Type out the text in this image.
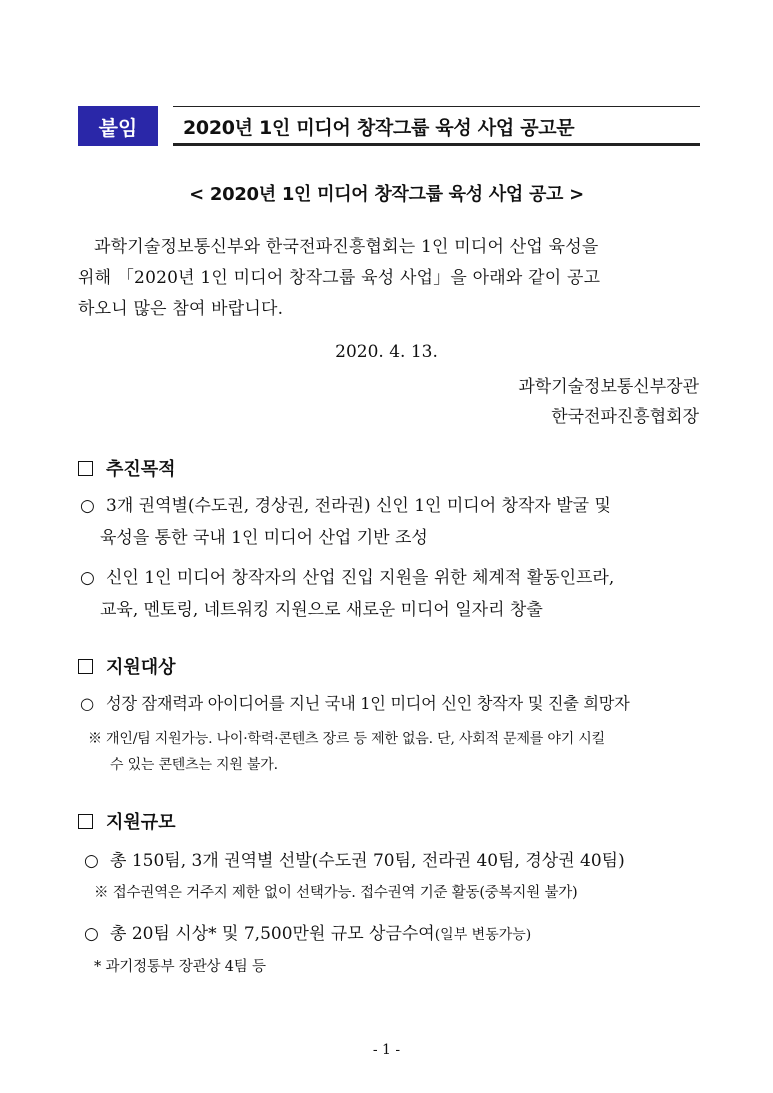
붙임	2020년 1인 미디어 창작그룹 육성 사업 공고문
< 2020년 1인 미디어 창작그룹 육성 사업 공고 >
과학기술정보통신부와 한국전파진흥협회는 1인 미디어 산업 육성을
위해 「2020년 1인 미디어 창작그룹 육성 사업」을 아래와 같이 공고
하오니 많은 참여 바랍니다.
2020. 4. 13.
과학기술정보통신부장관
한국전파진흥협회장
추진목적
○ 3개 권역별(수도권, 경상권, 전라권) 신인 1인 미디어 창작자 발굴 및
육성을 통한 국내 1인 미디어 산업 기반 조성
○ 신인 1인 미디어 창작자의 산업 진입 지원을 위한 체계적 활동인프라,
교육, 멘토링, 네트워킹 지원으로 새로운 미디어 일자리 창출
지원대상
○ 성장 잠재력과 아이디어를 지닌 국내 1인 미디어 신인 창작자 및 진출 희망자
※ 개인/팀 지원가능. 나이·학력·콘텐츠 장르 등 제한 없음. 단, 사회적 문제를 야기 시킬
수 있는 콘텐츠는 지원 불가.
지원규모
○ 총 150팀, 3개 권역별 선발(수도권 70팀, 전라권 40팀, 경상권 40팀)
※ 접수권역은 거주지 제한 없이 선택가능. 접수권역 기준 활동(중복지원 불가)
○ 총 20팀 시상* 및 7,500만원 규모 상금수여(일부 변동가능)
* 과기정통부 장관상 4팀 등
- 1 -
